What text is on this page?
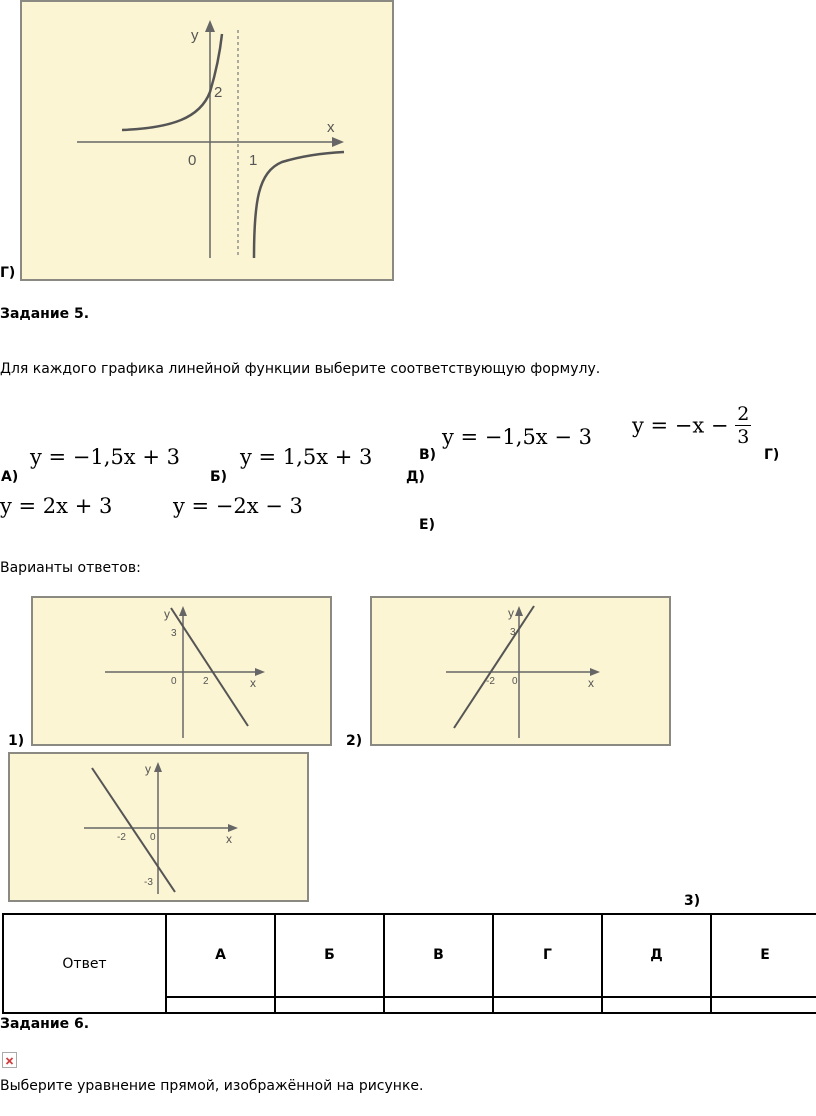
y
x
2
0	1
Г)
Задание 5.
Для каждого графика линейной функции выберите соответствующую формулу.
А)
y = −1,5x + 3
Б)
y = 1,5x + 3	В)
y = −1,5x − 3 $y = -x - \frac{2}{3}$
Г)
Д)
y = 2x + 3	y = −2x − 3
Е)
Варианты ответов:
y
3
0	2	x
1)
y
3
-2 0	x
2)
y
-2 0	x
-3
3)
Ответ	А	Б	В	Г	Д	Е

Задание 6.
Выберите уравнение прямой, изображённой на рисунке.
